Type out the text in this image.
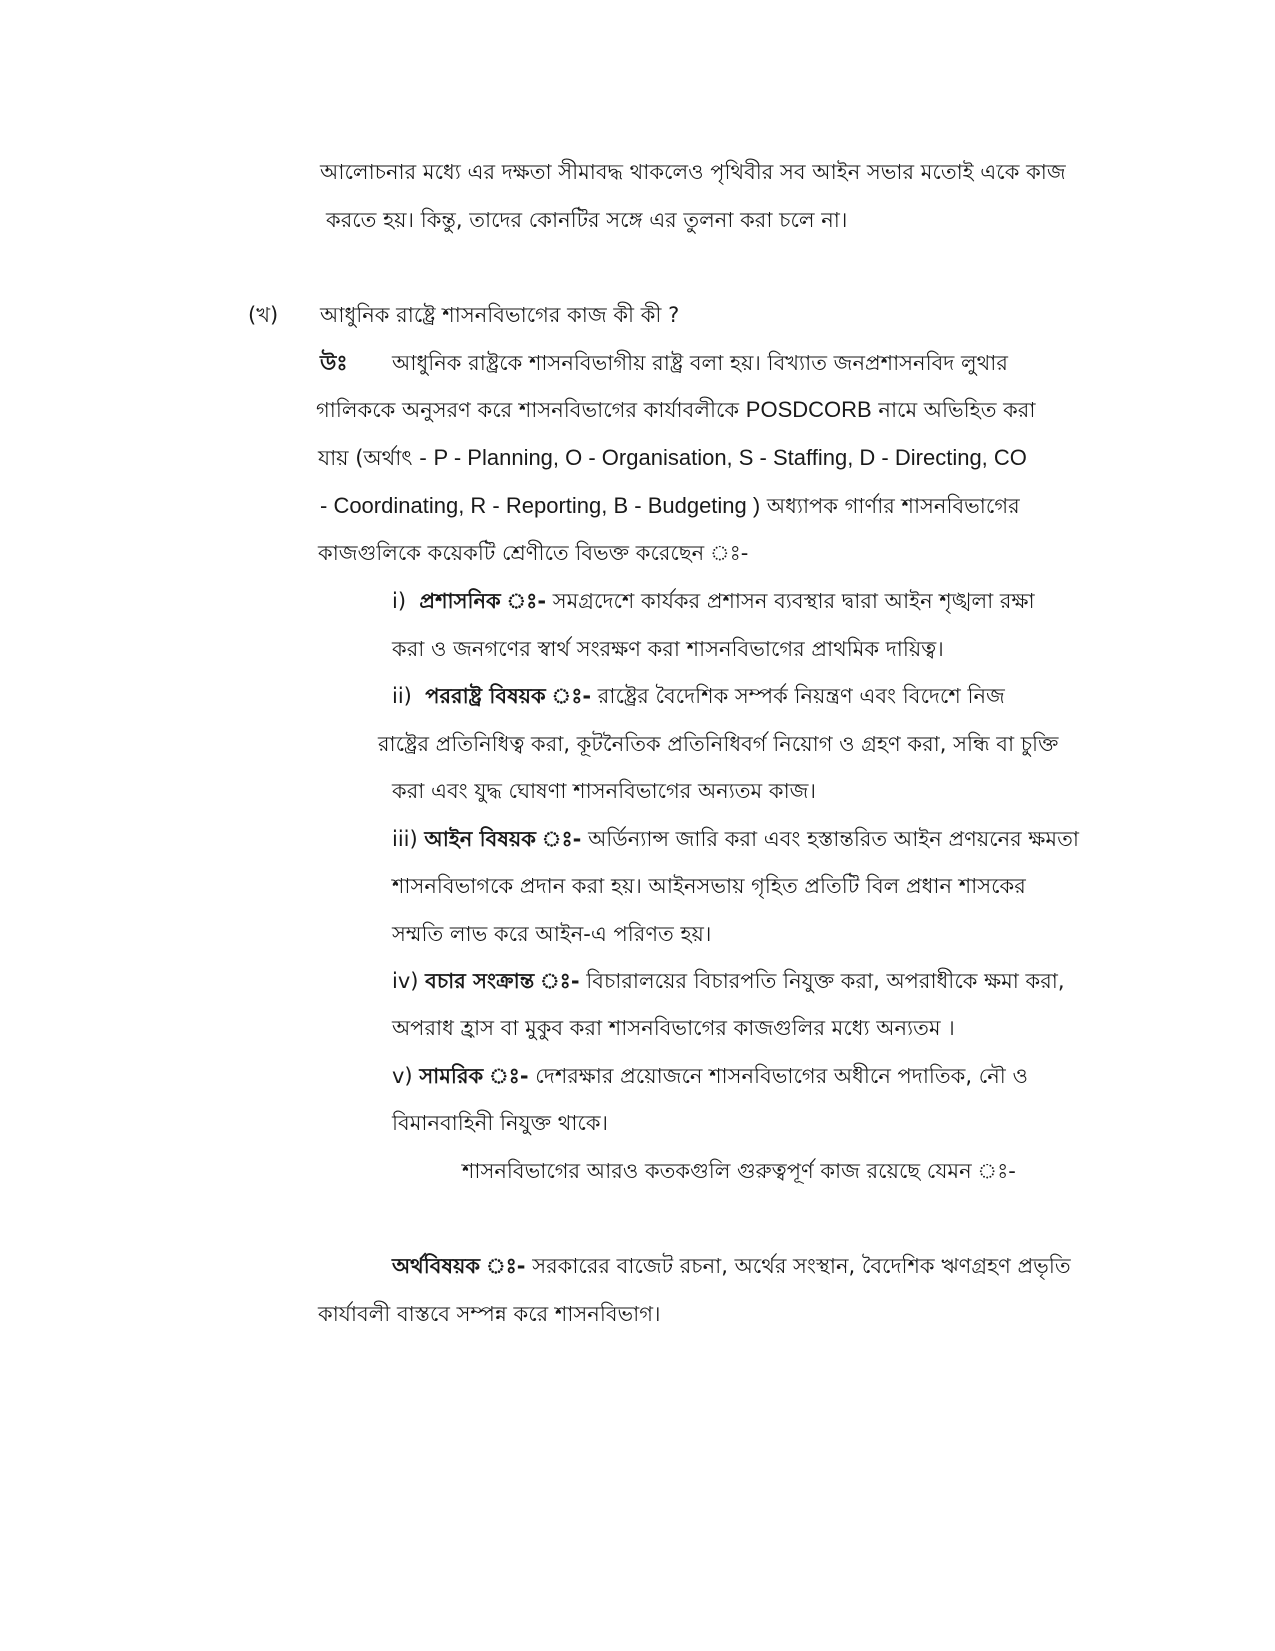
আলোচনার মধ্যে এর দক্ষতা সীমাবদ্ধ থাকলেও পৃথিবীর সব আইন সভার মতোই একে কাজ
করতে হয়। কিন্তু, তাদের কোনটির সঙ্গে এর তুলনা করা চলে না।
(খ) আধুনিক রাষ্ট্রে শাসনবিভাগের কাজ কী কী ?
উঃ আধুনিক রাষ্ট্রকে শাসনবিভাগীয় রাষ্ট্র বলা হয়। বিখ্যাত জনপ্রশাসনবিদ লুথার
গালিককে অনুসরণ করে শাসনবিভাগের কার্যাবলীকে POSDCORB নামে অভিহিত করা
যায় (অর্থাৎ - P - Planning, O - Organisation, S - Staffing, D - Directing, CO
- Coordinating, R - Reporting, B - Budgeting ) অধ্যাপক গার্ণার শাসনবিভাগের
কাজগুলিকে কয়েকটি শ্রেণীতে বিভক্ত করেছেন ঃ-
i) প্রশাসনিক ঃ- সমগ্রদেশে কার্যকর প্রশাসন ব্যবস্থার দ্বারা আইন শৃঙ্খলা রক্ষা
করা ও জনগণের স্বার্থ সংরক্ষণ করা শাসনবিভাগের প্রাথমিক দায়িত্ব।
ii) পররাষ্ট্র বিষয়ক ঃ- রাষ্ট্রের বৈদেশিক সম্পর্ক নিয়ন্ত্রণ এবং বিদেশে নিজ
রাষ্ট্রের প্রতিনিধিত্ব করা, কূটনৈতিক প্রতিনিধিবর্গ নিয়োগ ও গ্রহণ করা, সন্ধি বা চুক্তি
করা এবং যুদ্ধ ঘোষণা শাসনবিভাগের অন্যতম কাজ।
iii) আইন বিষয়ক ঃ- অর্ডিন্যান্স জারি করা এবং হস্তান্তরিত আইন প্রণয়নের ক্ষমতা
শাসনবিভাগকে প্রদান করা হয়। আইনসভায় গৃহিত প্রতিটি বিল প্রধান শাসকের
সম্মতি লাভ করে আইন-এ পরিণত হয়।
iv) বচার সংক্রান্ত ঃ- বিচারালয়ের বিচারপতি নিযুক্ত করা, অপরাধীকে ক্ষমা করা,
অপরাধ হ্রাস বা মুকুব করা শাসনবিভাগের কাজগুলির মধ্যে অন্যতম ।
v) সামরিক ঃ- দেশরক্ষার প্রয়োজনে শাসনবিভাগের অধীনে পদাতিক, নৌ ও
বিমানবাহিনী নিযুক্ত থাকে।
শাসনবিভাগের আরও কতকগুলি গুরুত্বপূর্ণ কাজ রয়েছে যেমন ঃ-
অর্থবিষয়ক ঃ- সরকারের বাজেট রচনা, অর্থের সংস্থান, বৈদেশিক ঋণগ্রহণ প্রভৃতি
কার্যাবলী বাস্তবে সম্পন্ন করে শাসনবিভাগ।
